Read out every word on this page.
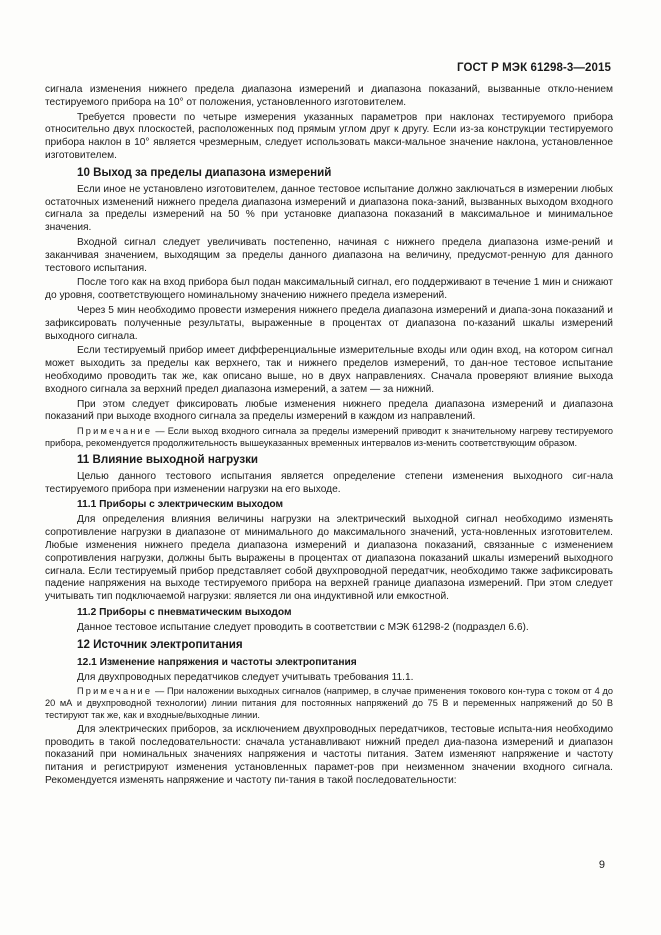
ГОСТ Р МЭК 61298-3—2015

сигнала изменения нижнего предела диапазона измерений и диапазона показаний, вызванные откло-нением тестируемого прибора на 10° от положения, установленного изготовителем.

Требуется провести по четыре измерения указанных параметров при наклонах тестируемого прибора относительно двух плоскостей, расположенных под прямым углом друг к другу. Если из-за конструкции тестируемого прибора наклон в 10° является чрезмерным, следует использовать макси-мальное значение наклона, установленное изготовителем.

10 Выход за пределы диапазона измерений

Если иное не установлено изготовителем, данное тестовое испытание должно заключаться в измерении любых остаточных изменений нижнего предела диапазона измерений и диапазона пока-заний, вызванных выходом входного сигнала за пределы измерений на 50 % при установке диапазона показаний в максимальное и минимальное значения.

Входной сигнал следует увеличивать постепенно, начиная с нижнего предела диапазона изме-рений и заканчивая значением, выходящим за пределы данного диапазона на величину, предусмот-ренную для данного тестового испытания.

После того как на вход прибора был подан максимальный сигнал, его поддерживают в течение 1 мин и снижают до уровня, соответствующего номинальному значению нижнего предела измерений.

Через 5 мин необходимо провести измерения нижнего предела диапазона измерений и диапа-зона показаний и зафиксировать полученные результаты, выраженные в процентах от диапазона по-казаний шкалы измерений выходного сигнала.

Если тестируемый прибор имеет дифференциальные измерительные входы или один вход, на котором сигнал может выходить за пределы как верхнего, так и нижнего пределов измерений, то дан-ное тестовое испытание необходимо проводить так же, как описано выше, но в двух направлениях. Сначала проверяют влияние выхода входного сигнала за верхний предел диапазона измерений, а затем — за нижний.

При этом следует фиксировать любые изменения нижнего предела диапазона измерений и диапазона показаний при выходе входного сигнала за пределы измерений в каждом из направлений.

Примечание — Если выход входного сигнала за пределы измерений приводит к значительному нагреву тестируемого прибора, рекомендуется продолжительность вышеуказанных временных интервалов из-менить соответствующим образом.

11 Влияние выходной нагрузки

Целью данного тестового испытания является определение степени изменения выходного сиг-нала тестируемого прибора при изменении нагрузки на его выходе.

11.1 Приборы с электрическим выходом

Для определения влияния величины нагрузки на электрический выходной сигнал необходимо изменять сопротивление нагрузки в диапазоне от минимального до максимального значений, уста-новленных изготовителем. Любые изменения нижнего предела диапазона измерений и диапазона показаний, связанные с изменением сопротивления нагрузки, должны быть выражены в процентах от диапазона показаний шкалы измерений выходного сигнала. Если тестируемый прибор представляет собой двухпроводной передатчик, необходимо также зафиксировать падение напряжения на выходе тестируемого прибора на верхней границе диапазона измерений. При этом следует учитывать тип подключаемой нагрузки: является ли она индуктивной или емкостной.

11.2 Приборы с пневматическим выходом

Данное тестовое испытание следует проводить в соответствии с МЭК 61298-2 (подраздел 6.6).

12 Источник электропитания
12.1 Изменение напряжения и частоты электропитания

Для двухпроводных передатчиков следует учитывать требования 11.1.

Примечание — При наложении выходных сигналов (например, в случае применения токового кон-тура с током от 4 до 20 мА и двухпроводной технологии) линии питания для постоянных напряжений до 75 В и переменных напряжений до 50 В тестируют так же, как и входные/выходные линии.

Для электрических приборов, за исключением двухпроводных передатчиков, тестовые испыта-ния необходимо проводить в такой последовательности: сначала устанавливают нижний предел диа-пазона измерений и диапазон показаний при номинальных значениях напряжения и частоты питания. Затем изменяют напряжение и частоту питания и регистрируют изменения установленных парамет-ров при неизменном значении входного сигнала. Рекомендуется изменять напряжение и частоту пи-тания в такой последовательности:

9
